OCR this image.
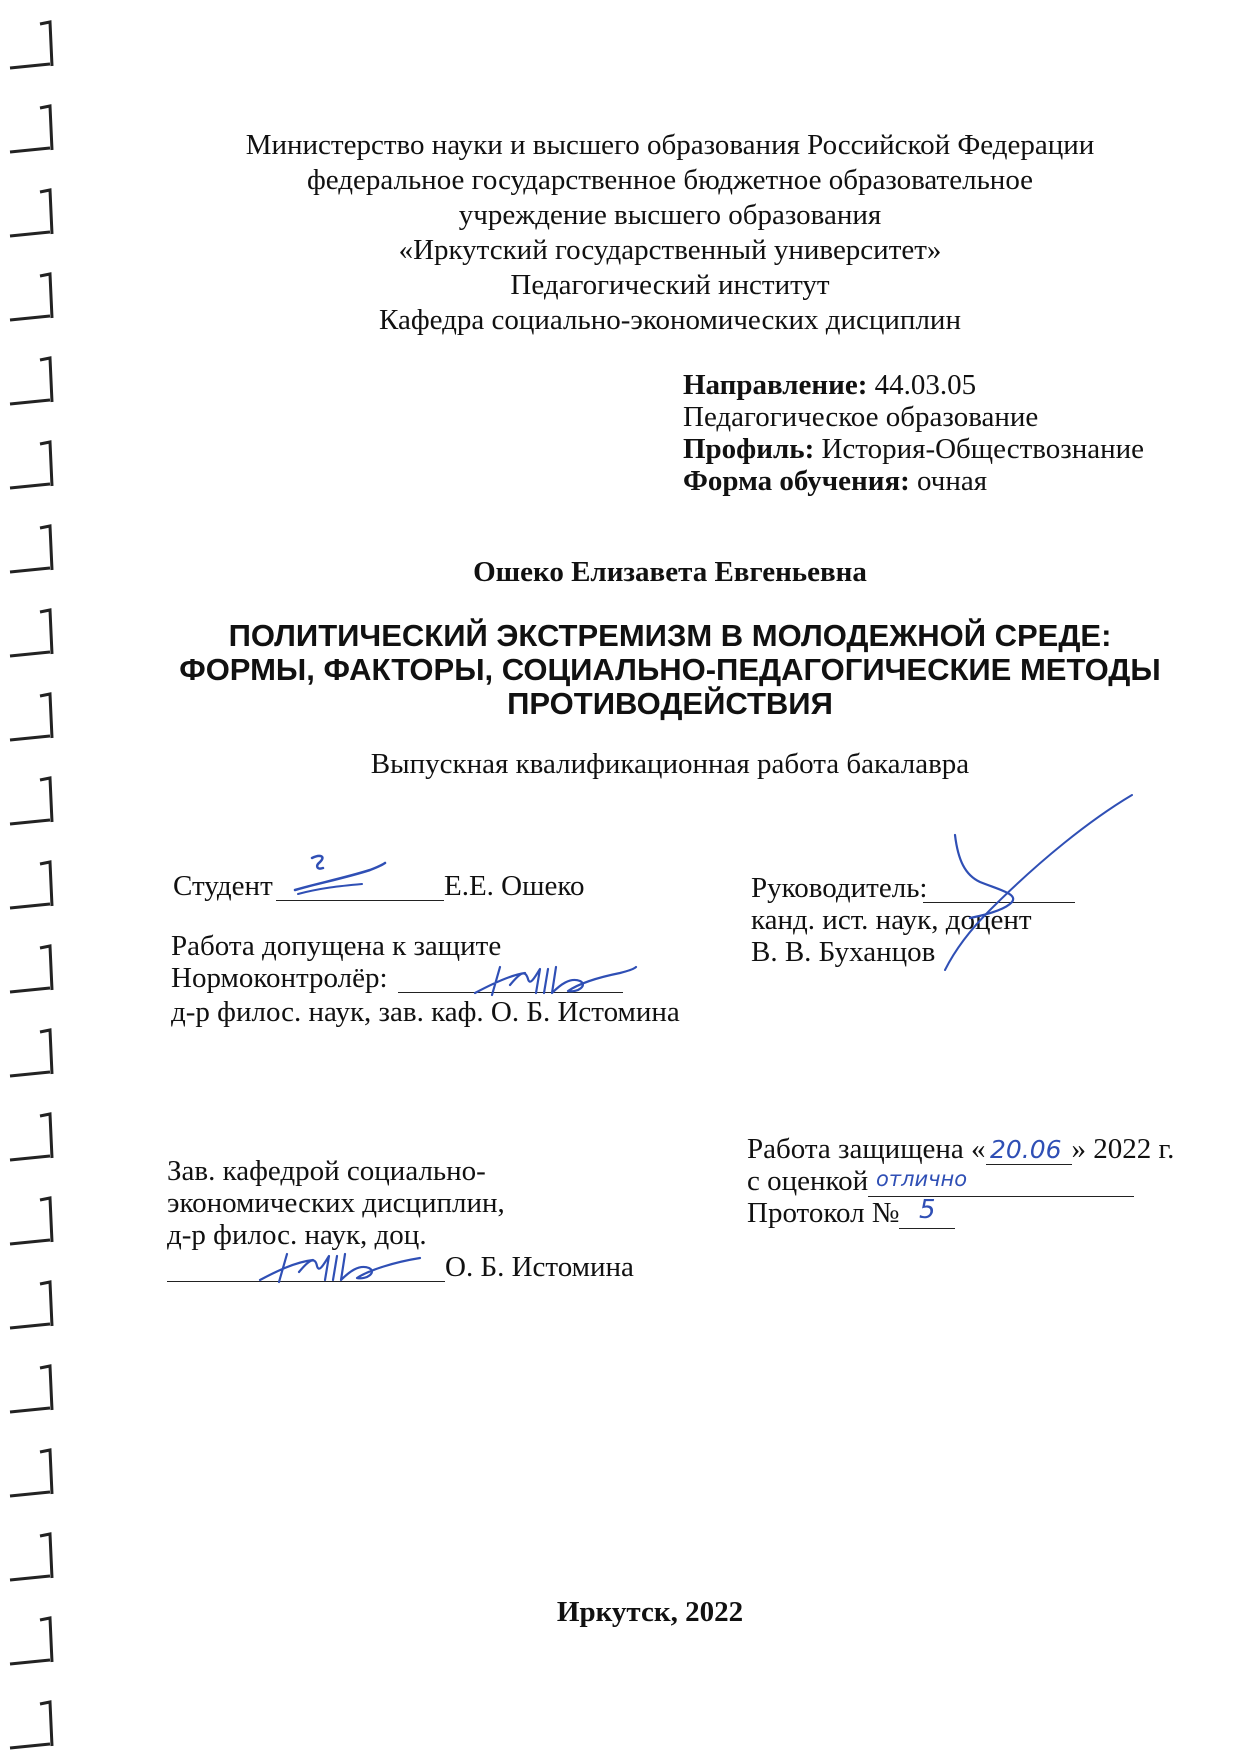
Министерство науки и высшего образования Российской Федерации
федеральное государственное бюджетное образовательное
учреждение высшего образования
«Иркутский государственный университет»
Педагогический институт
Кафедра социально-экономических дисциплин
Направление: 44.03.05
Педагогическое образование
Профиль: История-Обществознание
Форма обучения: очная
Ошеко Елизавета Евгеньевна
ПОЛИТИЧЕСКИЙ ЭКСТРЕМИЗМ В МОЛОДЕЖНОЙ СРЕДЕ:
ФОРМЫ, ФАКТОРЫ, СОЦИАЛЬНО-ПЕДАГОГИЧЕСКИЕ МЕТОДЫ
ПРОТИВОДЕЙСТВИЯ
Выпускная квалификационная работа бакалавра
Студент	Е.Е. Ошеко	Руководитель:
канд. ист. наук, доцент
В. В. Буханцов
Работа допущена к защите
Нормоконтролёр:
д-р филос. наук, зав. каф. О. Б. Истомина
Зав. кафедрой социально-
экономических дисциплин,
д-р филос. наук, доц.
О. Б. Истомина
Работа защищена « 20.06 » 2022 г.
с оценкой отлично
Протокол № 5
Иркутск, 2022
